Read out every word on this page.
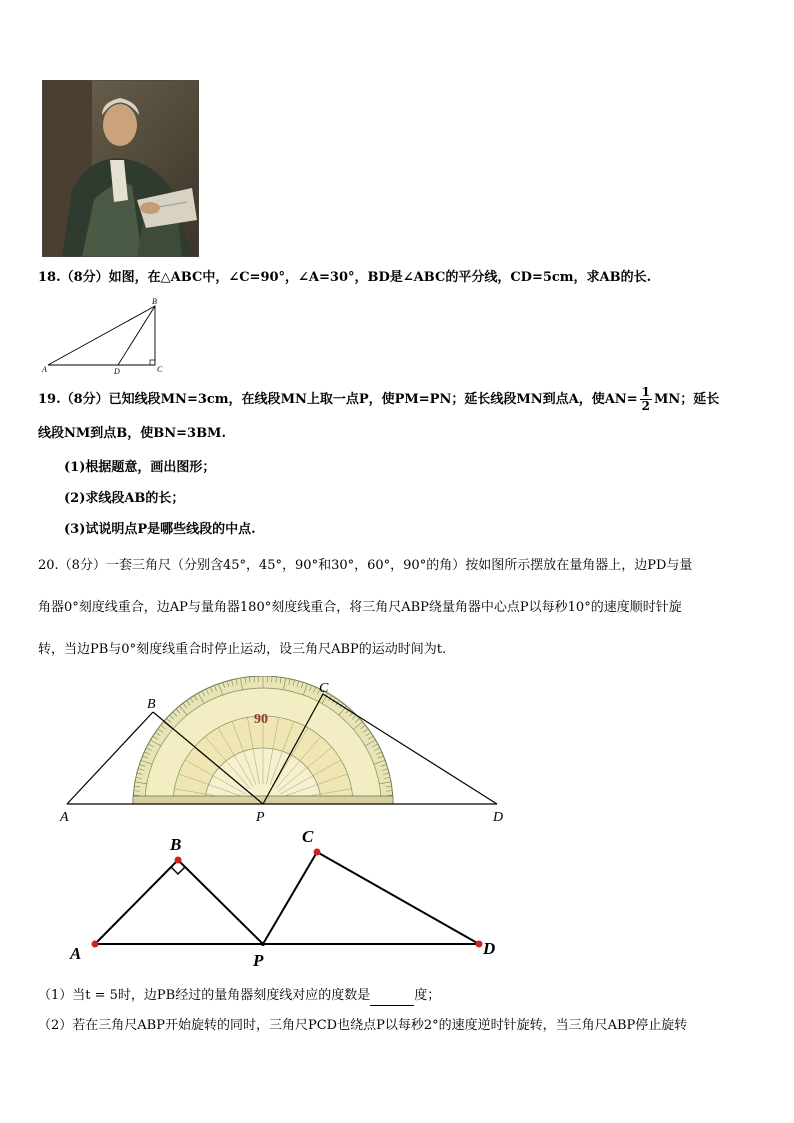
18.（8分）如图，在△ABC中，∠C=90°，∠A=30°，BD是∠ABC的平分线，CD=5cm，求AB的长.
B
A	D	C
19.（8分）已知线段MN=3cm，在线段MN上取一点P，使PM=PN；延长线段MN到点A，使$AN= \frac{1}{2}$ MN；延长
线段NM到点B，使BN=3BM.
(1)根据题意，画出图形；
(2)求线段AB的长；
(3)试说明点P是哪些线段的中点.
20.（8分）一套三角尺（分别含45°，45°，90°和30°，60°，90°的角）按如图所示摆放在量角器上，边PD与量
角器0°刻度线重合，边AP与量角器180°刻度线重合，将三角尺ABP绕量角器中心点P以每秒10°的速度顺时针旋
转，当边PB与0°刻度线重合时停止运动，设三角尺ABP的运动时间为t.
90
A
B
C
D
P
A
B	C
D
P
（1）当t = 5时，边PB经过的量角器刻度线对应的度数是	度；
（2）若在三角尺ABP开始旋转的同时，三角尺PCD也绕点P以每秒2°的速度逆时针旋转，当三角尺ABP停止旋转
